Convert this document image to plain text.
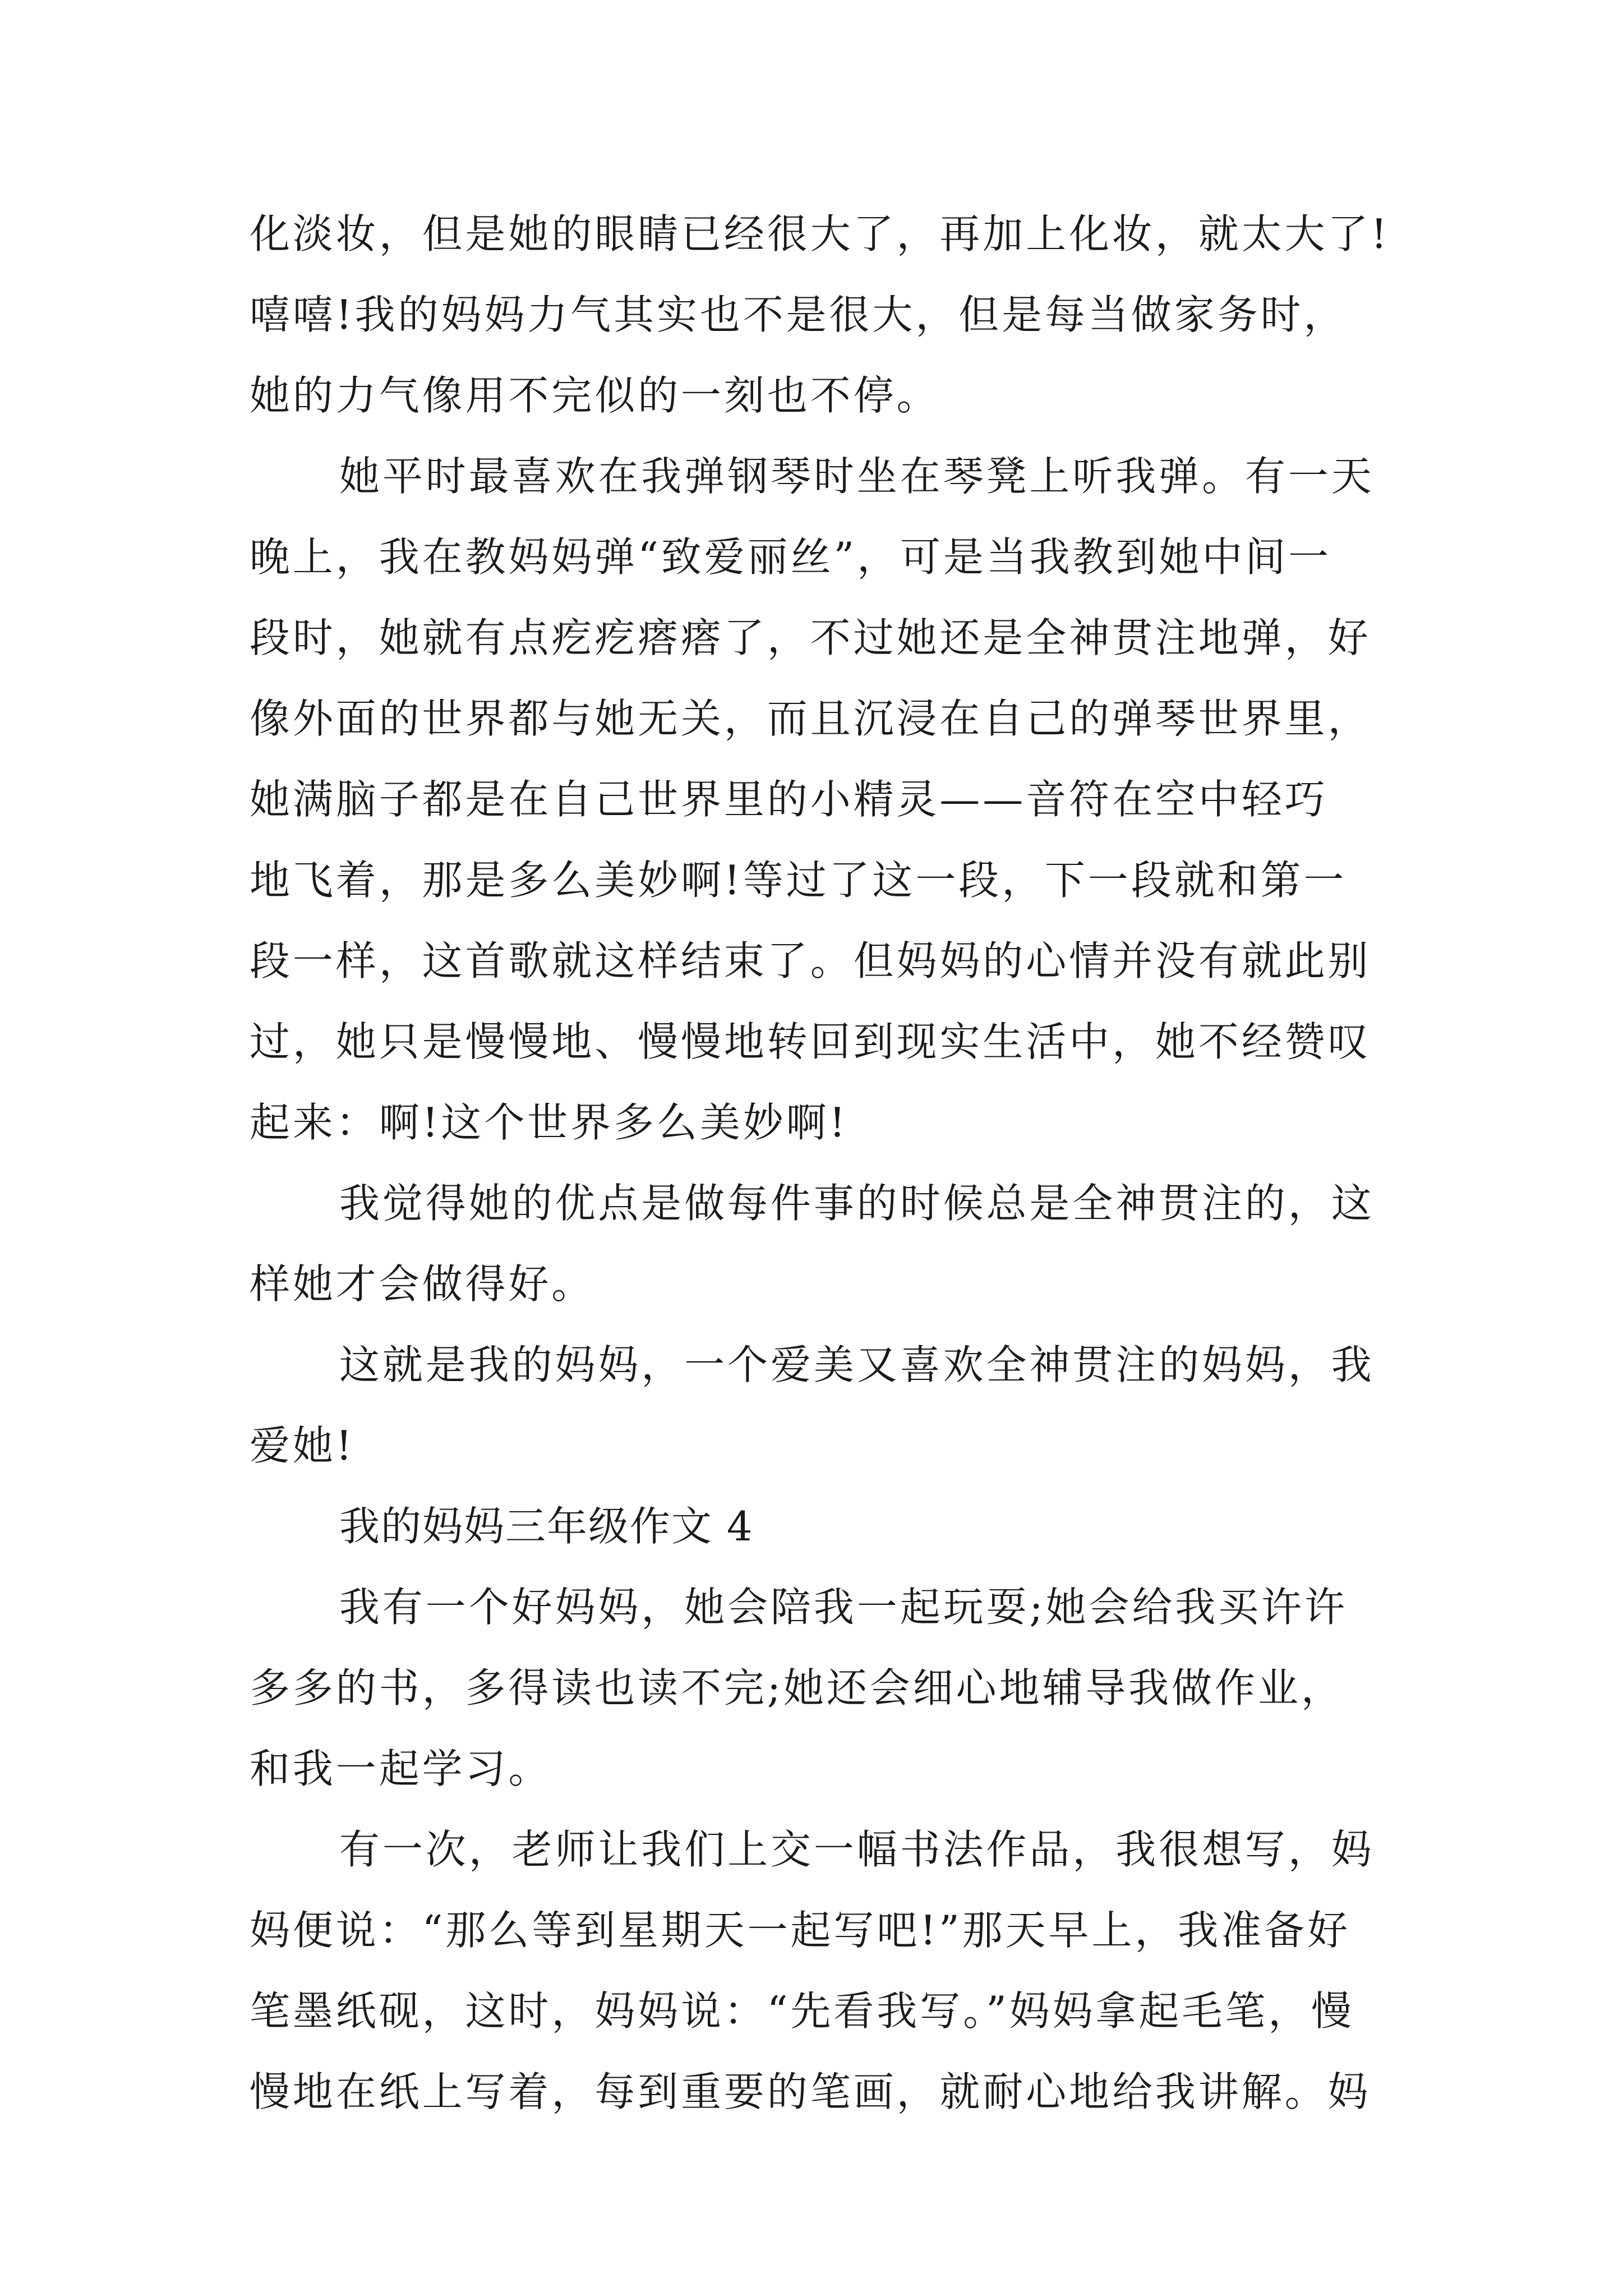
化淡妆，但是她的眼睛已经很大了，再加上化妆，就太大了!
嘻嘻!我的妈妈力气其实也不是很大，但是每当做家务时，
她的力气像用不完似的一刻也不停。
她平时最喜欢在我弹钢琴时坐在琴凳上听我弹。有一天
晚上，我在教妈妈弹“致爱丽丝”，可是当我教到她中间一
段时，她就有点疙疙瘩瘩了，不过她还是全神贯注地弹，好
像外面的世界都与她无关，而且沉浸在自己的弹琴世界里，
她满脑子都是在自己世界里的小精灵——音符在空中轻巧
地飞着，那是多么美妙啊!等过了这一段，下一段就和第一
段一样，这首歌就这样结束了。但妈妈的心情并没有就此别
过，她只是慢慢地、慢慢地转回到现实生活中，她不经赞叹
起来：啊!这个世界多么美妙啊!
我觉得她的优点是做每件事的时候总是全神贯注的，这
样她才会做得好。
这就是我的妈妈，一个爱美又喜欢全神贯注的妈妈，我
爱她!
我的妈妈三年级作文 4
我有一个好妈妈，她会陪我一起玩耍;她会给我买许许
多多的书，多得读也读不完;她还会细心地辅导我做作业，
和我一起学习。
有一次，老师让我们上交一幅书法作品，我很想写，妈
妈便说：“那么等到星期天一起写吧!”那天早上，我准备好
笔墨纸砚，这时，妈妈说：“先看我写。”妈妈拿起毛笔，慢
慢地在纸上写着，每到重要的笔画，就耐心地给我讲解。妈
